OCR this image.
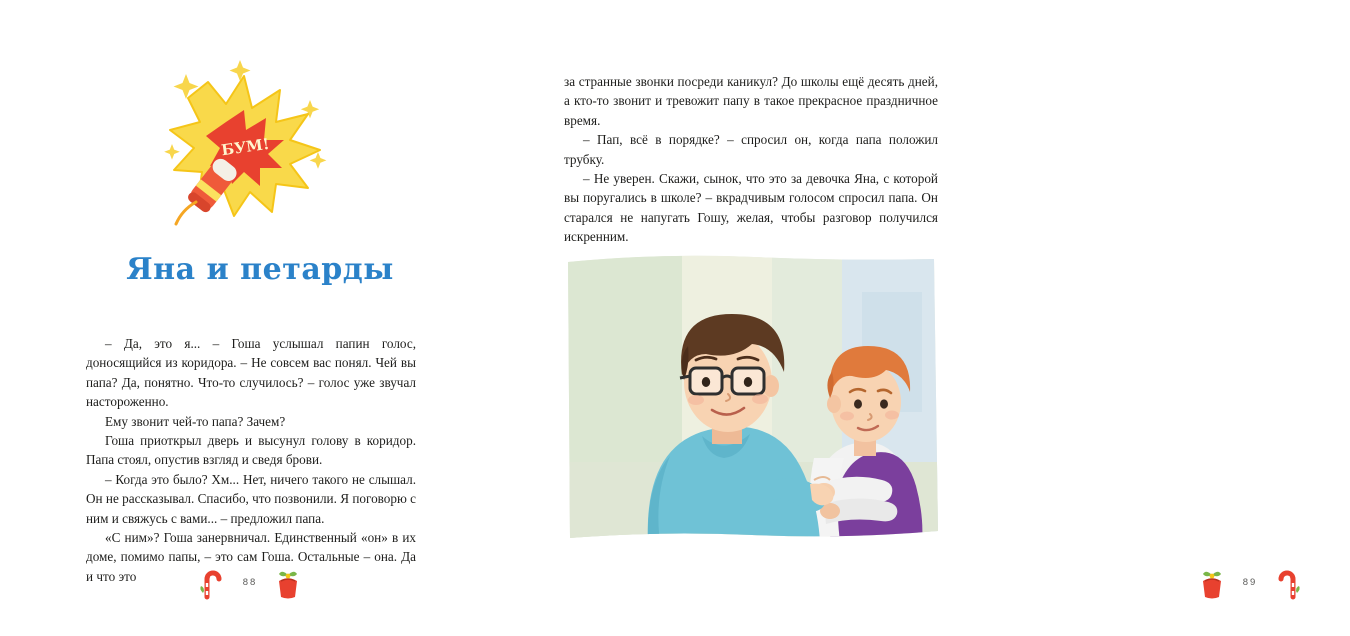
БУМ!
Яна и петарды

– Да, это я... – Гоша услышал папин голос, доносящийся из коридора. – Не совсем вас понял. Чей вы папа? Да, понятно. Что-то случилось? – голос уже звучал настороженно.

Ему звонит чей-то папа? Зачем?

Гоша приоткрыл дверь и высунул голову в коридор. Папа стоял, опустив взгляд и сведя брови.

– Когда это было? Хм... Нет, ничего такого не слышал. Он не рассказывал. Спасибо, что позвонили. Я поговорю с ним и свяжусь с вами... – предложил папа.

«С ним»? Гоша занервничал. Единственный «он» в их доме, помимо папы, – это сам Гоша. Остальные – она. Да и что это	88

за странные звонки посреди каникул? До школы ещё десять дней, а кто-то звонит и тревожит папу в такое прекрасное праздничное время.

– Пап, всё в порядке? – спросил он, когда папа положил трубку.

– Не уверен. Скажи, сынок, что это за девочка Яна, с которой вы поругались в школе? – вкрадчивым голосом спросил папа. Он старался не напугать Гошу, желая, чтобы разговор получился искренним.

89
